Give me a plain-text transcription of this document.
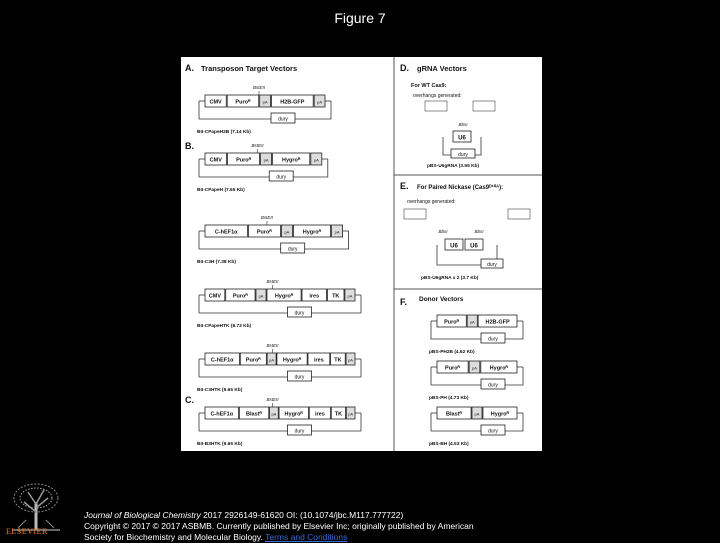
Figure 7
A. Transposon Target Vectors
BstEII
CMV Puroᴿ	pA H2B-GFP	pA
dury
BII-CPapeH2B (7.14 Kb)
B.	BstEII
CMV	Puroᴿ	pA Hygroᴿ	pA
dury
BII-CPapeH (7.65 Kb)
BstEII
C-hEF1α	Puroᴿ	pA Hygroᴿ	pA
dury
BII-C3H (7.38 Kb)
BstEII
CMV Puroᴿ	pA Hygroᴿ	ires TK pA
dury
BII-CPapeHTK (8.73 Kb)
BstEII
C-hEF1α Puroᴿ pA Hygroᴿ ires TK pA
dury
BII-C3HTK (9.65 Kb)
C.	BstEII
C-hEF1α Blastᴿ pA Hygroᴿ ires TK pA
dury
BII-B3HTK (9.65 Kb)
D. gRNA Vectors
For WT Cas9:
overhangs generated:
BbsI
U6
dury
pBS-U6gRNA (3.55 Kb)
E. For Paired Nickase (Cas9ᴰ¹⁰ᴬ):
overhangs generated:
BbsI	BbsI
U6 U6
dury
pBS-U6gRNA x 2 (3.7 Kb)
F. Donor Vectors
Puroᴿ	pA H2B-GFP
dury
pBS-PH2B (4.62 Kb)
Puroᴿ	pA Hygroᴿ
dury
pBS-PH (4.73 Kb)
Blastᴿ	pA Hygroᴿ
dury
pBS-BH (4.53 Kb)
Journal of Biological Chemistry 2017 2926149-61620 OI: (10.1074/jbc.M117.777722)
Copyright © 2017 © 2017 ASBMB. Currently published by Elsevier Inc; originally published by American
Society for Biochemistry and Molecular Biology. Terms and Conditions
ELSEVIER
